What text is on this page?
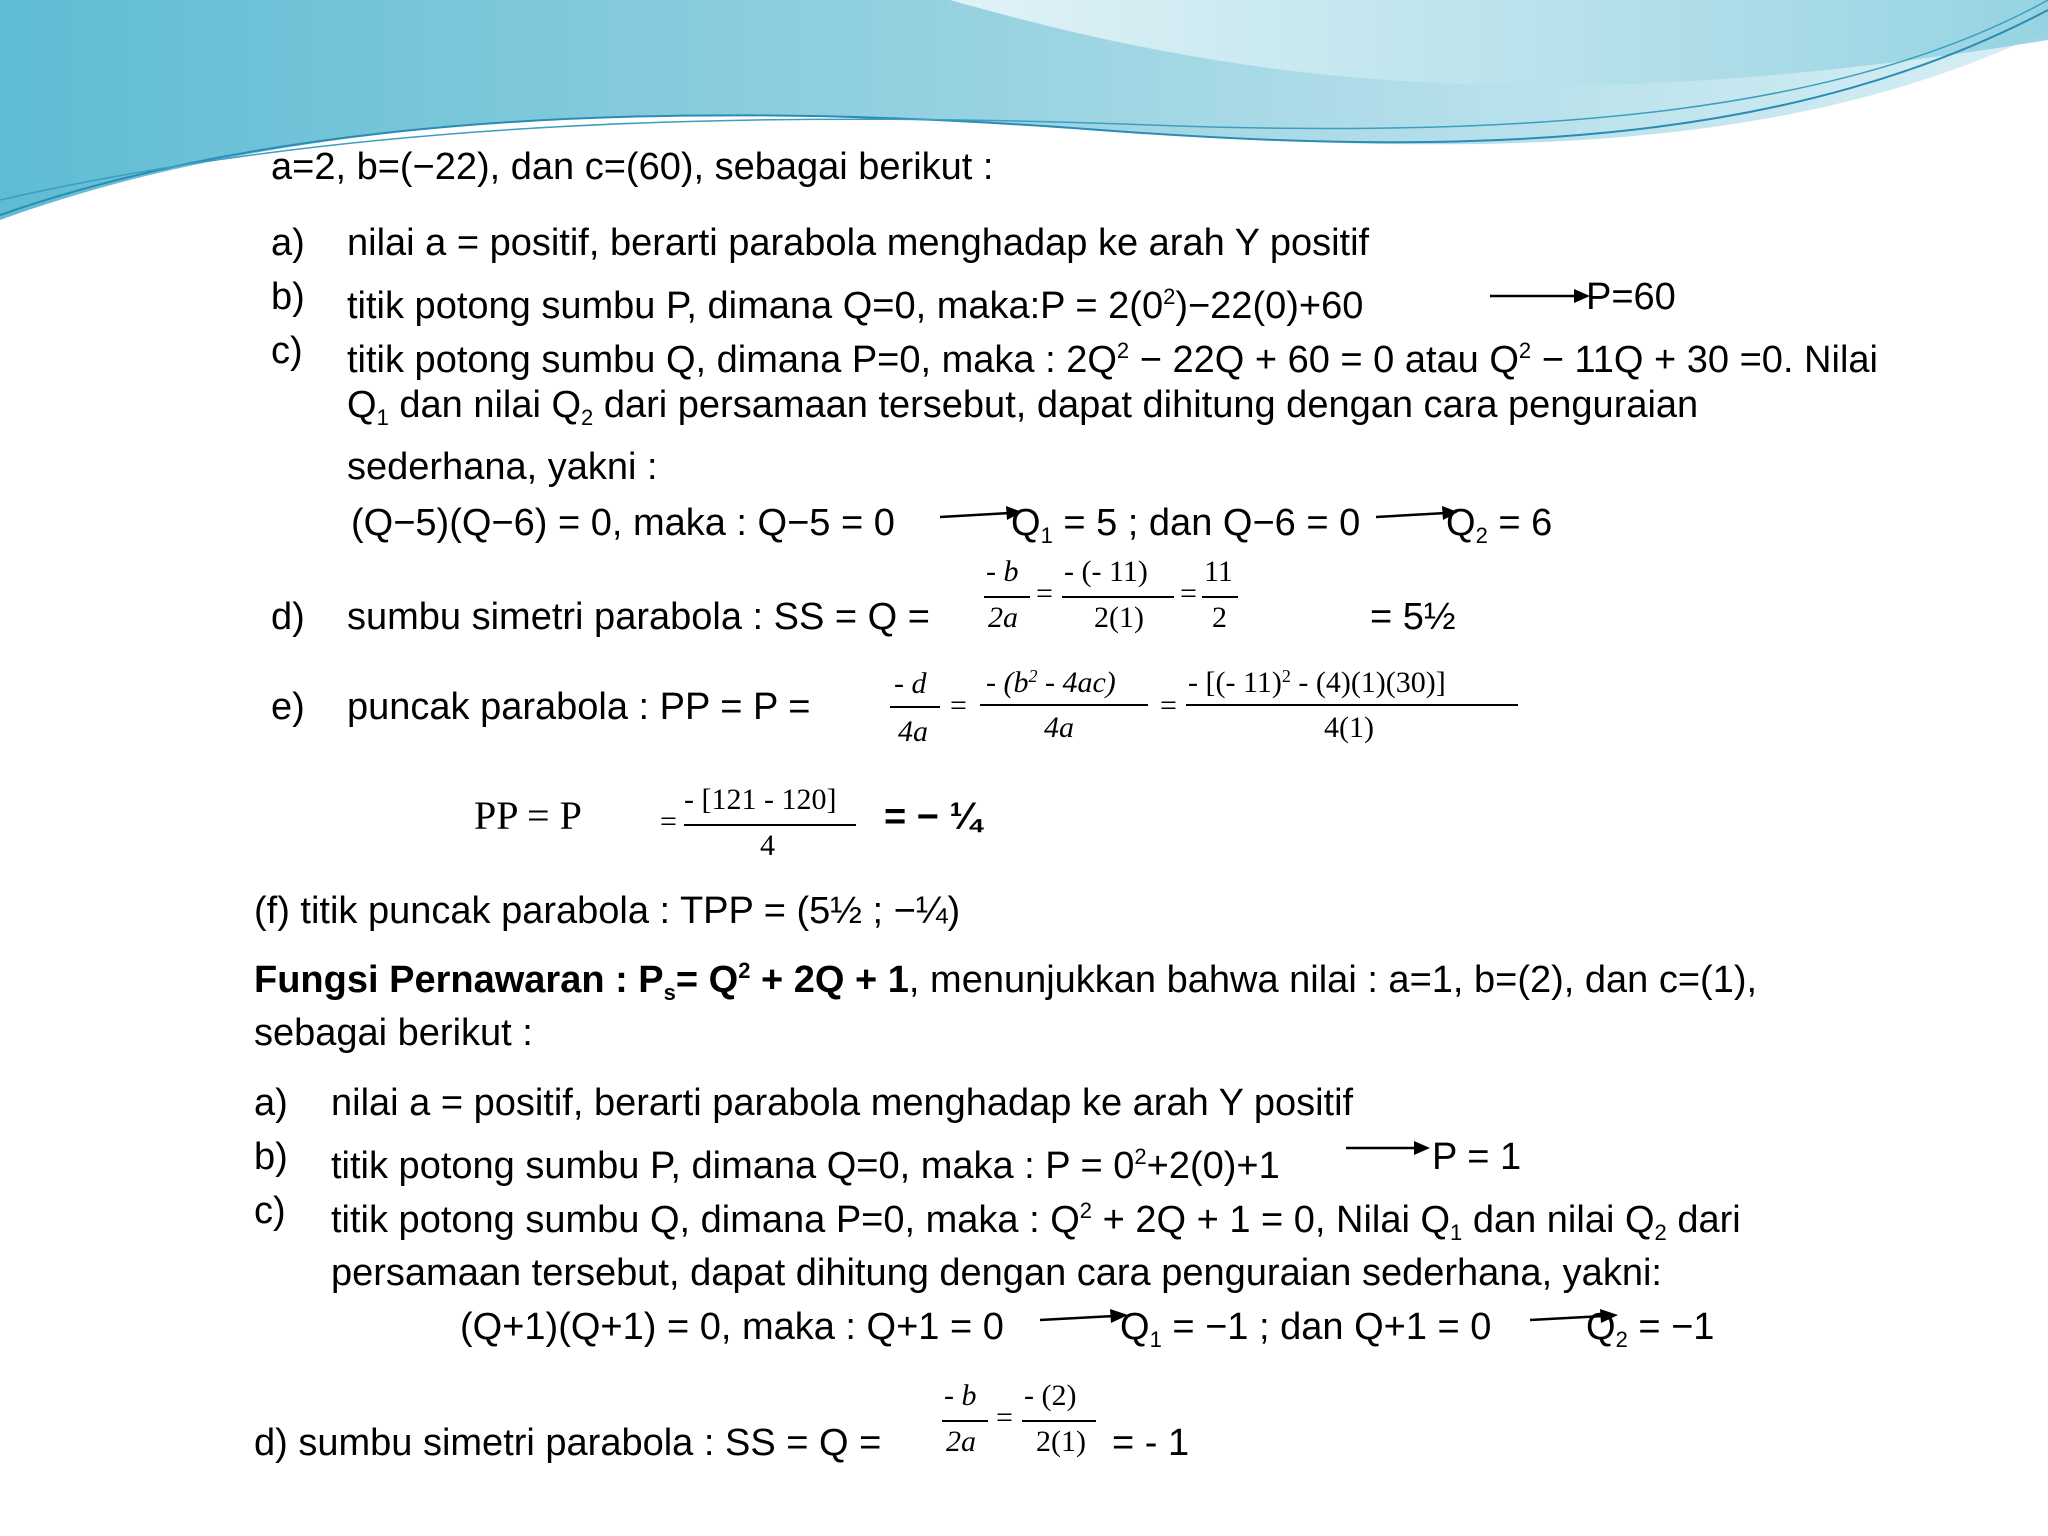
a=2, b=(−22), dan c=(60), sebagai berikut :
a) nilai a = positif, berarti parabola menghadap ke arah Y positif
b) titik potong sumbu P, dimana Q=0, maka:P = $2(0^2)-22(0)+60$	P=60
c) titik potong sumbu Q, dimana P=0, maka : $2Q^2 - 22Q + 60 = 0$ atau $Q^2 - 11Q + 30 =0$. Nilai
$Q_1$ dan nilai $Q_2$ dari persamaan tersebut, dapat dihitung dengan cara penguraian
sederhana, yakni :
(Q−5)(Q−6) = 0, maka : Q−5 = 0	$Q_1 = 5$ ; dan Q−6 = 0 $Q_2 = 6$
d) sumbu simetri parabola : SS = Q =
- b
2a
=
- (- 11)
2(1)
=
11
2	= 5½
e) puncak parabola : PP = P =
- d
4a
=
- $(b^2 - 4ac)$
4a
=
- [(- 11)$^2$ - (4)(1)(30)]
4(1)
PP = P	=
- [121 - 120]
4
= − ¼
(f) titik puncak parabola : TPP = (5½ ; −¼)
Fungsi Pernawaran : $P_s= Q^2 + 2Q + 1$, menunjukkan bahwa nilai : a=1, b=(2), dan c=(1),
sebagai berikut :
a) nilai a = positif, berarti parabola menghadap ke arah Y positif
b) titik potong sumbu P, dimana Q=0, maka : $P = 0^2+2(0)+1$	P = 1
c) titik potong sumbu Q, dimana P=0, maka : $Q^2 + 2Q + 1 = 0$, Nilai $Q_1$ dan nilai $Q_2$ dari
persamaan tersebut, dapat dihitung dengan cara penguraian sederhana, yakni:
(Q+1)(Q+1) = 0, maka : Q+1 = 0	$Q_1 = -1$ ; dan Q+1 = 0 $Q_2 = -1$
d) sumbu simetri parabola : SS = Q =
- b
2a
=
- (2)
2(1) = - 1
